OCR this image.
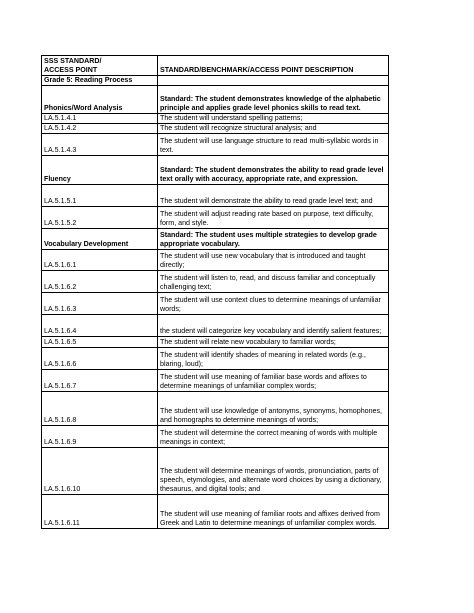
SSS STANDARD/
ACCESS POINT	STANDARD/BENCHMARK/ACCESS POINT DESCRIPTION
Grade 5: Reading Process	
Phonics/Word Analysis	Standard: The student demonstrates knowledge of the alphabetic principle and applies grade level phonics skills to read text.
LA.5.1.4.1	The student will understand spelling patterns;
LA.5.1.4.2	The student will recognize structural analysis; and
LA.5.1.4.3	The student will use language structure to read multi-syllabic words in text.
Fluency	Standard: The student demonstrates the ability to read grade level text orally with accuracy, appropriate rate, and expression.
LA.5.1.5.1	The student will demonstrate the ability to read grade level text; and
LA.5.1.5.2	The student will adjust reading rate based on purpose, text difficulty, form, and style.
Vocabulary Development	Standard: The student uses multiple strategies to develop grade appropriate vocabulary.
LA.5.1.6.1	The student will use new vocabulary that is introduced and taught directly;
LA.5.1.6.2	The student will listen to, read, and discuss familiar and conceptually challenging text;
LA.5.1.6.3	The student will use context clues to determine meanings of unfamiliar words;
LA.5.1.6.4	the student will categorize key vocabulary and identify salient features;
LA.5.1.6.5	The student will relate new vocabulary to familiar words;
LA.5.1.6.6	The student will identify shades of meaning in related words (e.g., blaring, loud);
LA.5.1.6.7	The student will use meaning of familiar base words and affixes to determine meanings of unfamiliar complex words;
LA.5.1.6.8	The student will use knowledge of antonyms, synonyms, homophones, and homographs to determine meanings of words;
LA.5.1.6.9	The student will determine the correct meaning of words with multiple meanings in context;
LA.5.1.6.10	The student will determine meanings of words, pronunciation, parts of speech, etymologies, and alternate word choices by using a dictionary, thesaurus, and digital tools; and
LA.5.1.6.11	The student will use meaning of familiar roots and affixes derived from Greek and Latin to determine meanings of unfamiliar complex words.
